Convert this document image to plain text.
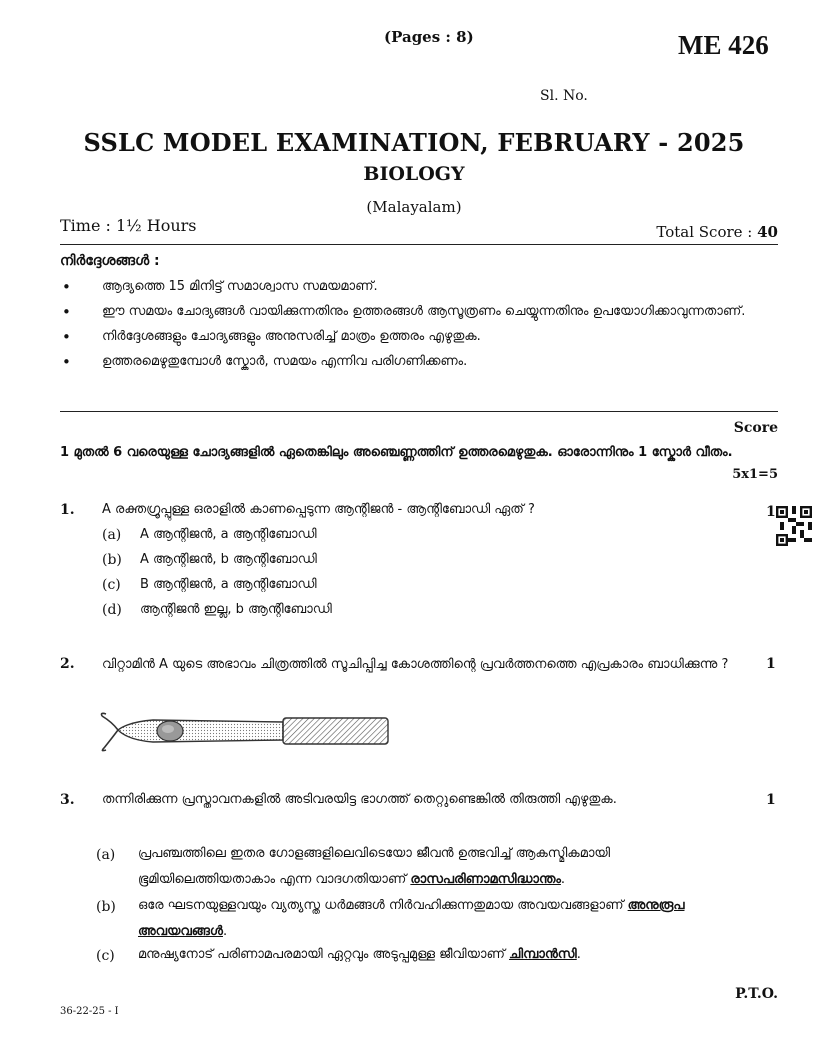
(Pages : 8)	ME 426
Sl. No.
SSLC MODEL EXAMINATION, FEBRUARY - 2025
BIOLOGY
(Malayalam)
Time : 1½ Hours	Total Score : 40
നിർദ്ദേശങ്ങൾ :
• ആദ്യത്തെ 15 മിനിട്ട് സമാശ്വാസ സമയമാണ്.
• ഈ സമയം ചോദ്യങ്ങൾ വായിക്കുന്നതിനും ഉത്തരങ്ങൾ ആസൂത്രണം ചെയ്യുന്നതിനും ഉപയോഗിക്കാവുന്നതാണ്.
• നിർദ്ദേശങ്ങളും ചോദ്യങ്ങളും അനുസരിച്ച് മാത്രം ഉത്തരം എഴുതുക.
• ഉത്തരമെഴുതുമ്പോൾ സ്കോർ, സമയം എന്നിവ പരിഗണിക്കണം.
Score
1 മുതൽ 6 വരെയുള്ള ചോദ്യങ്ങളിൽ ഏതെങ്കിലും അഞ്ചെണ്ണത്തിന് ഉത്തരമെഴുതുക. ഓരോന്നിനും 1 സ്കോർ വീതം.
5x1=5
1. A രക്തഗ്രൂപ്പുള്ള ഒരാളിൽ കാണപ്പെടുന്ന ആന്റിജൻ - ആന്റിബോഡി ഏത് ?	1
(a) A ആന്റിജൻ, a ആന്റിബോഡി
(b) A ആന്റിജൻ, b ആന്റിബോഡി
(c) B ആന്റിജൻ, a ആന്റിബോഡി
(d) ആന്റിജൻ ഇല്ല, b ആന്റിബോഡി
2. വിറ്റാമിൻ A യുടെ അഭാവം ചിത്രത്തിൽ സൂചിപ്പിച്ച കോശത്തിന്റെ പ്രവർത്തനത്തെ എപ്രകാരം ബാധിക്കുന്നു ?	1
3. തന്നിരിക്കുന്ന പ്രസ്താവനകളിൽ അടിവരയിട്ട ഭാഗത്ത് തെറ്റുണ്ടെങ്കിൽ തിരുത്തി എഴുതുക.	1
(a) പ്രപഞ്ചത്തിലെ ഇതര ഗോളങ്ങളിലെവിടെയോ ജീവൻ ഉത്ഭവിച്ച് ആകസ്മികമായി ഭൂമിയിലെത്തിയതാകാം എന്ന വാദഗതിയാണ് രാസപരിണാമസിദ്ധാന്തം.
(b) ഒരേ ഘടനയുള്ളവയും വ്യത്യസ്ത ധർമങ്ങൾ നിർവഹിക്കുന്നതുമായ അവയവങ്ങളാണ് അനുരൂപ അവയവങ്ങൾ.
(c) മനുഷ്യനോട് പരിണാമപരമായി ഏറ്റവും അടുപ്പമുള്ള ജീവിയാണ് ചിമ്പാൻസി.
36-22-25 - I
P.T.O.
